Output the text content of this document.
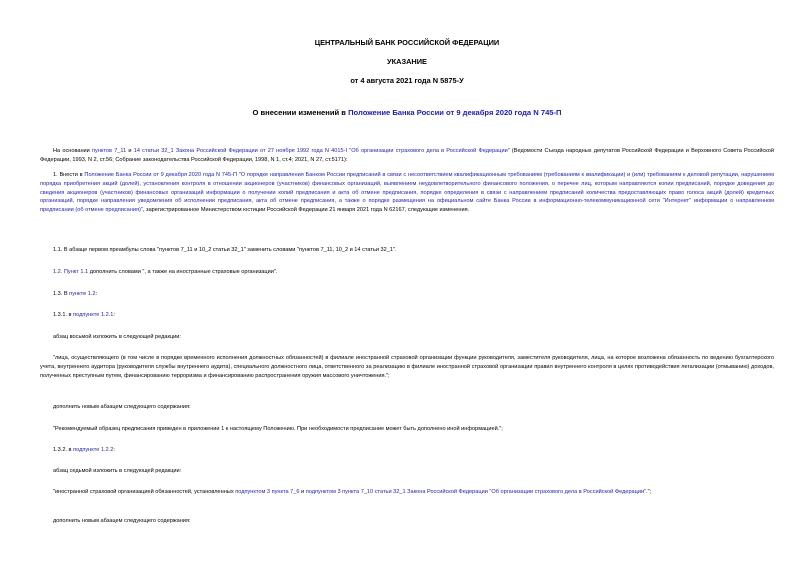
ЦЕНТРАЛЬНЫЙ БАНК РОССИЙСКОЙ ФЕДЕРАЦИИ
УКАЗАНИЕ
от 4 августа 2021 года N 5875-У
О внесении изменений в Положение Банка России от 9 декабря 2020 года N 745-П
На основании пунктов 7_11 и 14 статьи 32_1 Закона Российской Федерации от 27 ноября 1992 года N 4015-I "Об организации страхового дела в Российской Федерации" (Ведомости Съезда народных депутатов Российской Федерации и Верховного Совета Российской Федерации, 1993, N 2, ст.56; Собрание законодательства Российской Федерации, 1998, N 1, ст.4; 2021, N 27, ст.5171):
1. Внести в Положение Банка России от 9 декабря 2020 года N 745-П "О порядке направления Банком России предписаний в связи с несоответствием квалификационным требованиям (требованиям к квалификации) и (или) требованиям к деловой репутации, нарушением порядка приобретения акций (долей), установления контроля в отношении акционеров (участников) финансовых организаций, выявлением неудовлетворительного финансового положения, о перечне лиц, которым направляются копии предписаний, порядке доведения до сведения акционеров (участников) финансовых организаций информации о получении копий предписания и акта об отмене предписания, порядке определения в связи с направлением предписаний количества предоставляющих право голоса акций (долей) кредитных организаций, порядке направления уведомления об исполнении предписания, акта об отмене предписания, а также о порядке размещения на официальном сайте Банка России в информационно-телекоммуникационной сети "Интернет" информации о направленном предписании (об отмене предписания)", зарегистрированное Министерством юстиции Российской Федерации 21 января 2021 года N 62167, следующие изменения.
1.1. В абзаце первом преамбулы слова "пунктов 7_11 и 10_2 статьи 32_1" заменить словами "пунктов 7_11, 10_2 и 14 статьи 32_1".
1.2. Пункт 1.1 дополнить словами ", а также на иностранные страховые организации".
1.3. В пункте 1.2:
1.3.1. в подпункте 1.2.1:
абзац восьмой изложить в следующей редакции:
"лица, осуществляющего (в том числе в порядке временного исполнения должностных обязанностей) в филиале иностранной страховой организации функции руководителя, заместителя руководителя, лица, на которое возложена обязанность по ведению бухгалтерского учета, внутреннего аудитора (руководителя службы внутреннего аудита), специального должностного лица, ответственного за реализацию в филиале иностранной страховой организации правил внутреннего контроля в целях противодействия легализации (отмыванию) доходов, полученных преступным путем, финансированию терроризма и финансированию распространения оружия массового уничтожения.";
дополнить новым абзацем следующего содержания:
"Рекомендуемый образец предписания приведен в приложении 1 к настоящему Положению. При необходимости предписание может быть дополнено иной информацией.";
1.3.2. в подпункте 1.2.2:
абзац седьмой изложить в следующей редакции:
"иностранной страховой организацией обязанностей, установленных подпунктом 3 пункта 7_6 и подпунктом 3 пункта 7_10 статьи 32_1 Закона Российской Федерации "Об организации страхового дела в Российской Федерации".";
дополнить новым абзацем следующего содержания:
